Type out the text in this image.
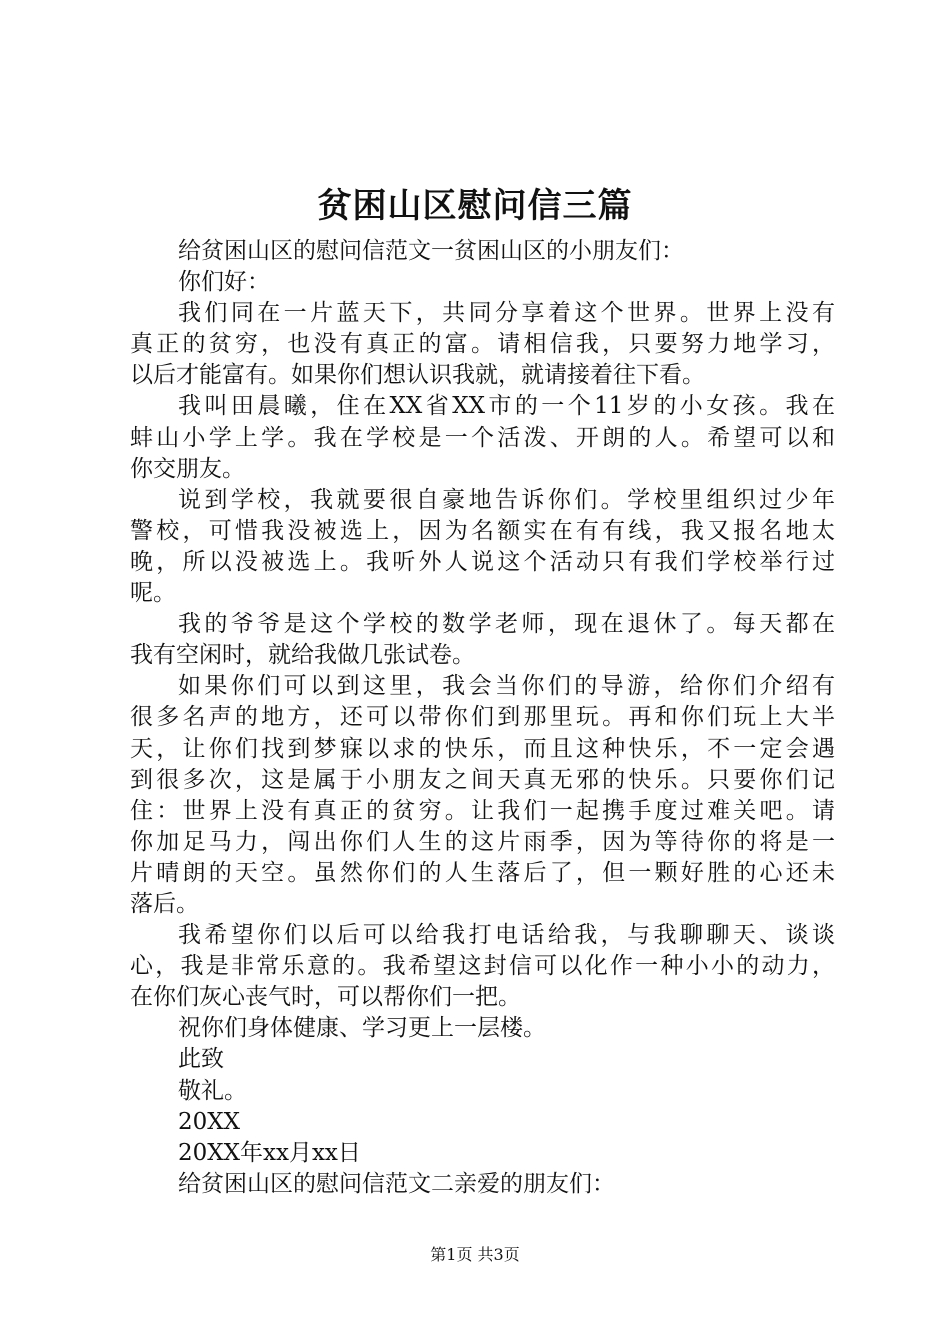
贫困山区慰问信三篇
给贫困山区的慰问信范文一贫困山区的小朋友们：
你们好：
我们同在一片蓝天下，共同分享着这个世界。世界上没有
真正的贫穷，也没有真正的富。请相信我，只要努力地学习，
以后才能富有。如果你们想认识我就，就请接着往下看。
我叫田晨曦，住在XX省XX市的一个11岁的小女孩。我在
蚌山小学上学。我在学校是一个活泼、开朗的人。希望可以和
你交朋友。
说到学校，我就要很自豪地告诉你们。学校里组织过少年
警校，可惜我没被选上，因为名额实在有有线，我又报名地太
晚，所以没被选上。我听外人说这个活动只有我们学校举行过
呢。
我的爷爷是这个学校的数学老师，现在退休了。每天都在
我有空闲时，就给我做几张试卷。
如果你们可以到这里，我会当你们的导游，给你们介绍有
很多名声的地方，还可以带你们到那里玩。再和你们玩上大半
天，让你们找到梦寐以求的快乐，而且这种快乐，不一定会遇
到很多次，这是属于小朋友之间天真无邪的快乐。只要你们记
住：世界上没有真正的贫穷。让我们一起携手度过难关吧。请
你加足马力，闯出你们人生的这片雨季，因为等待你的将是一
片晴朗的天空。虽然你们的人生落后了，但一颗好胜的心还未
落后。
我希望你们以后可以给我打电话给我，与我聊聊天、谈谈
心，我是非常乐意的。我希望这封信可以化作一种小小的动力，
在你们灰心丧气时，可以帮你们一把。
祝你们身体健康、学习更上一层楼。
此致
敬礼。
20XX
20XX年xx月xx日
给贫困山区的慰问信范文二亲爱的朋友们：
第1页 共3页
